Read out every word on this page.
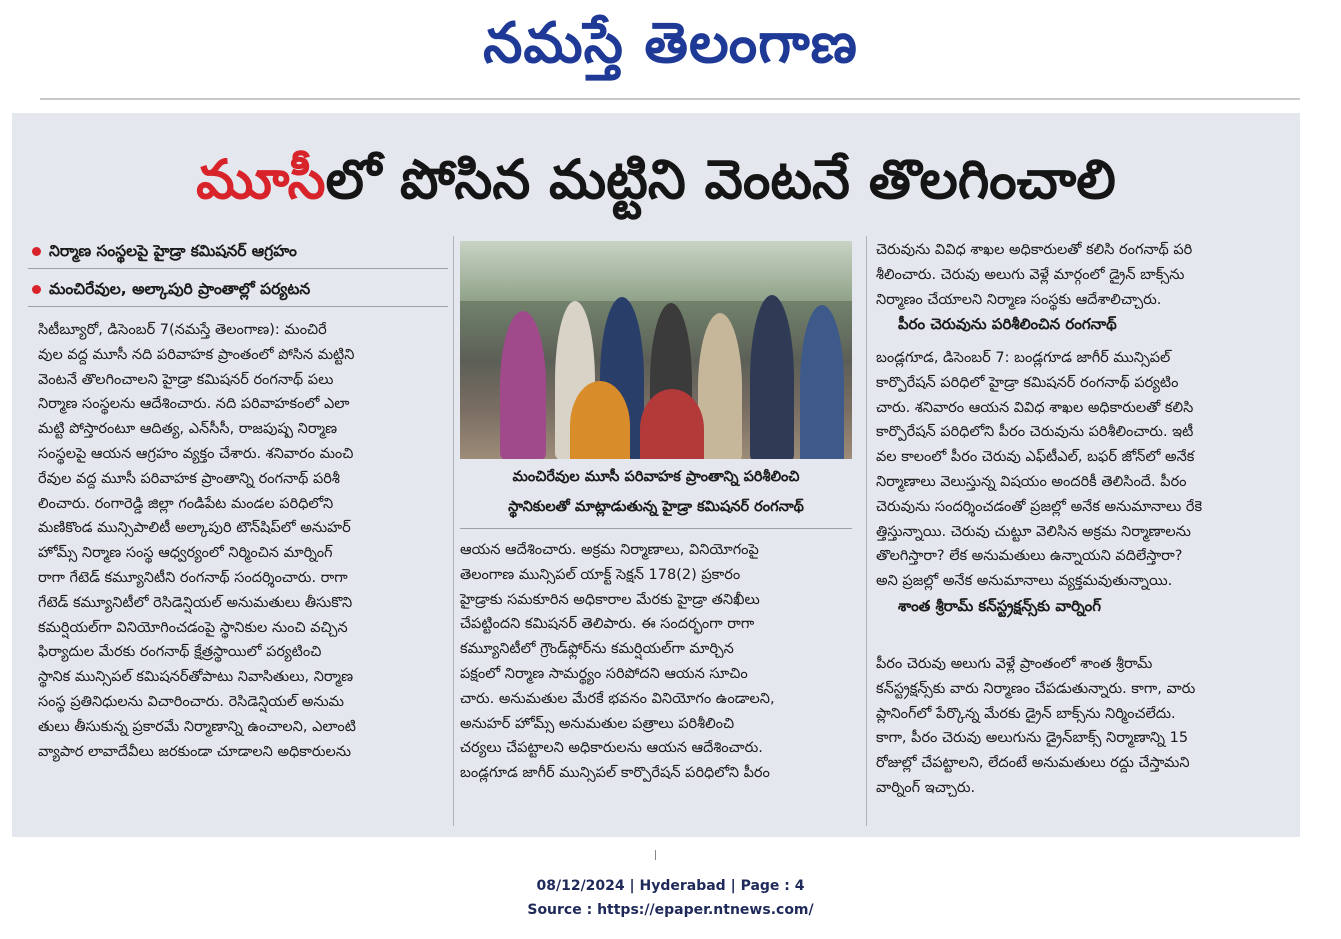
నమస్తే తెలంగాణ
మూసీలో పోసిన మట్టిని వెంటనే తొలగించాలి
నిర్మాణ సంస్థలపై హైడ్రా కమిషనర్ ఆగ్రహం
మంచిరేవుల, అల్కాపురి ప్రాంతాల్లో పర్యటన

సిటీబ్యూరో, డిసెంబర్ 7(నమస్తే తెలంగాణ): మంచిరే

వుల వద్ద మూసీ నది పరివాహక ప్రాంతంలో పోసిన మట్టిని

వెంటనే తొలగించాలని హైడ్రా కమిషనర్ రంగనాథ్ పలు

నిర్మాణ సంస్థలను ఆదేశించారు. నది పరివాహకంలో ఎలా

మట్టి పోస్తారంటూ ఆదిత్య, ఎన్‌సీసీ, రాజపుష్ప నిర్మాణ

సంస్థలపై ఆయన ఆగ్రహం వ్యక్తం చేశారు. శనివారం మంచి

రేవుల వద్ద మూసీ పరివాహక ప్రాంతాన్ని రంగనాథ్ పరిశీ

లించారు. రంగారెడ్డి జిల్లా గండిపేట మండల పరిధిలోని

మణికొండ మున్సిపాలిటీ అల్కాపురి టౌన్‌షిప్‌లో అనుహర్

హోమ్స్ నిర్మాణ సంస్థ ఆధ్వర్యంలో నిర్మించిన మార్నింగ్

రాగా గేటెడ్ కమ్యూనిటీని రంగనాథ్ సందర్శించారు. రాగా

గేటెడ్ కమ్యూనిటీలో రెసిడెన్షియల్ అనుమతులు తీసుకొని

కమర్షియల్‌గా వినియోగించడంపై స్థానికుల నుంచి వచ్చిన

ఫిర్యాదుల మేరకు రంగనాథ్ క్షేత్రస్థాయిలో పర్యటించి

స్థానిక మున్సిపల్ కమిషనర్‌తోపాటు నివాసితులు, నిర్మాణ

సంస్థ ప్రతినిధులను విచారించారు. రెసిడెన్షియల్ అనుమ

తులు తీసుకున్న ప్రకారమే నిర్మాణాన్ని ఉంచాలని, ఎలాంటి

వ్యాపార లావాదేవీలు జరకుండా చూడాలని అధికారులను

మంచిరేవుల మూసీ పరివాహక ప్రాంతాన్ని పరిశీలించి
స్థానికులతో మాట్లాడుతున్న హైడ్రా కమిషనర్ రంగనాథ్

ఆయన ఆదేశించారు. అక్రమ నిర్మాణాలు, వినియోగంపై

తెలంగాణ మున్సిపల్ యాక్ట్ సెక్షన్ 178(2) ప్రకారం

హైడ్రాకు సమకూరిన అధికారాల మేరకు హైడ్రా తనిఖీలు

చేపట్టిందని కమిషనర్ తెలిపారు. ఈ సందర్భంగా రాగా

కమ్యూనిటీలో గ్రౌండ్‌ఫ్లోర్‌ను కమర్షియల్‌గా మార్చిన

పక్షంలో నిర్మాణ సామర్థ్యం సరిపోదని ఆయన సూచిం

చారు. అనుమతుల మేరకే భవనం వినియోగం ఉండాలని,

అనుహర్ హోమ్స్ అనుమతుల పత్రాలు పరిశీలించి

చర్యలు చేపట్టాలని అధికారులను ఆయన ఆదేశించారు.

బండ్లగూడ జాగీర్ మున్సిపల్ కార్పొరేషన్ పరిధిలోని పీరం

చెరువును వివిధ శాఖల అధికారులతో కలిసి రంగనాథ్ పరి

శీలించారు. చెరువు అలుగు వెళ్లే మార్గంలో డ్రైన్ బాక్స్‌ను

నిర్మాణం చేయాలని నిర్మాణ సంస్థకు ఆదేశాలిచ్చారు.

పీరం చెరువును పరిశీలించిన రంగనాథ్

బండ్లగూడ, డిసెంబర్ 7: బండ్లగూడ జాగీర్ మున్సిపల్

కార్పొరేషన్ పరిధిలో హైడ్రా కమిషనర్ రంగనాథ్ పర్యటిం

చారు. శనివారం ఆయన వివిధ శాఖల అధికారులతో కలిసి

కార్పొరేషన్ పరిధిలోని పీరం చెరువును పరిశీలించారు. ఇటీ

వల కాలంలో పీరం చెరువు ఎఫ్‌టీఎల్, బఫర్ జోన్‌లో అనేక

నిర్మాణాలు వెలుస్తున్న విషయం అందరికీ తెలిసిందే. పీరం

చెరువును సందర్శించడంతో ప్రజల్లో అనేక అనుమానాలు రేకె

త్తిస్తున్నాయి. చెరువు చుట్టూ వెలిసిన అక్రమ నిర్మాణాలను

తొలగిస్తారా? లేక అనుమతులు ఉన్నాయని వదిలేస్తారా?

అని ప్రజల్లో అనేక అనుమానాలు వ్యక్తమవుతున్నాయి.

శాంత శ్రీరామ్ కన్‌స్ట్రక్షన్స్‌కు వార్నింగ్

పీరం చెరువు అలుగు వెళ్లే ప్రాంతంలో శాంత శ్రీరామ్

కన్‌స్ట్రక్షన్స్‌కు వారు నిర్మాణం చేపడుతున్నారు. కాగా, వారు

ప్లానింగ్‌లో పేర్కొన్న మేరకు డ్రైన్ బాక్స్‌ను నిర్మించలేదు.

కాగా, పీరం చెరువు అలుగును డ్రైన్‌బాక్స్ నిర్మాణాన్ని 15

రోజుల్లో చేపట్టాలని, లేదంటే అనుమతులు రద్దు చేస్తామని

వార్నింగ్ ఇచ్చారు.

08/12/2024 | Hyderabad | Page : 4
Source : https://epaper.ntnews.com/
